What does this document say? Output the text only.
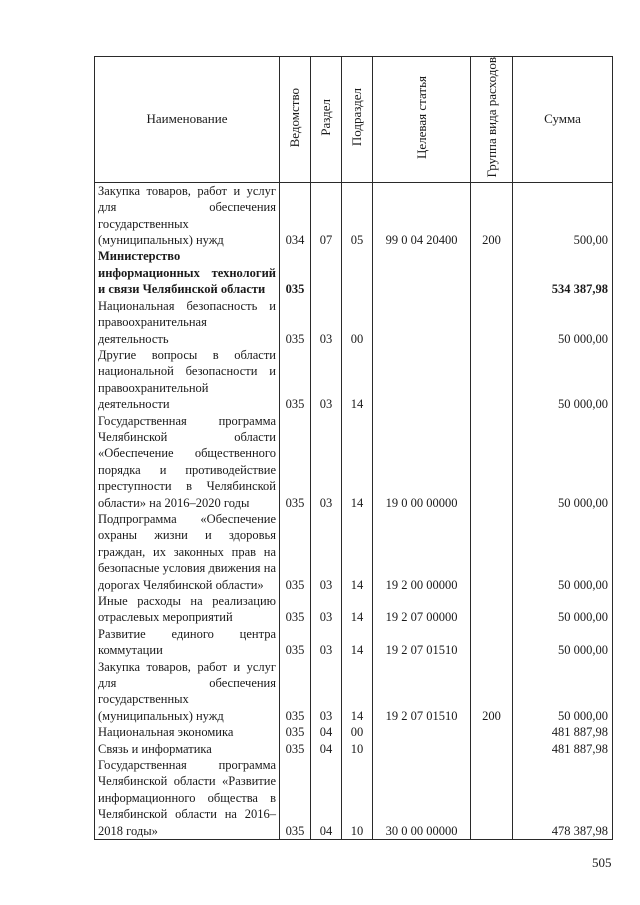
Наименование	Ведомство	Раздел	Подраздел	Целевая статья	Группа вида расходов	Сумма
Закупка товаров, работ и услуг для обеспечения государственных (муниципальных) нужд	034	07	05	99 0 04 20400	200	500,00
Министерство информационных технологий и связи Челябинской области	035					534 387,98
Национальная безопасность и правоохранительная деятельность	035	03	00			50 000,00
Другие вопросы в области национальной безопасности и правоохранительной деятельности	035	03	14			50 000,00
Государственная программа Челябинской области «Обеспечение общественного порядка и противодействие преступности в Челябинской области» на 2016–2020 годы	035	03	14	19 0 00 00000		50 000,00
Подпрограмма «Обеспечение охраны жизни и здоровья граждан, их законных прав на безопасные условия движения на дорогах Челябинской области»	035	03	14	19 2 00 00000		50 000,00
Иные расходы на реализацию отраслевых мероприятий	035	03	14	19 2 07 00000		50 000,00
Развитие единого центра коммутации	035	03	14	19 2 07 01510		50 000,00
Закупка товаров, работ и услуг для обеспечения государственных (муниципальных) нужд	035	03	14	19 2 07 01510	200	50 000,00
Национальная экономика	035	04	00			481 887,98
Связь и информатика	035	04	10			481 887,98
Государственная программа Челябинской области «Развитие информационного общества в Челябинской области на 2016–2018 годы»	035	04	10	30 0 00 00000		478 387,98
505
